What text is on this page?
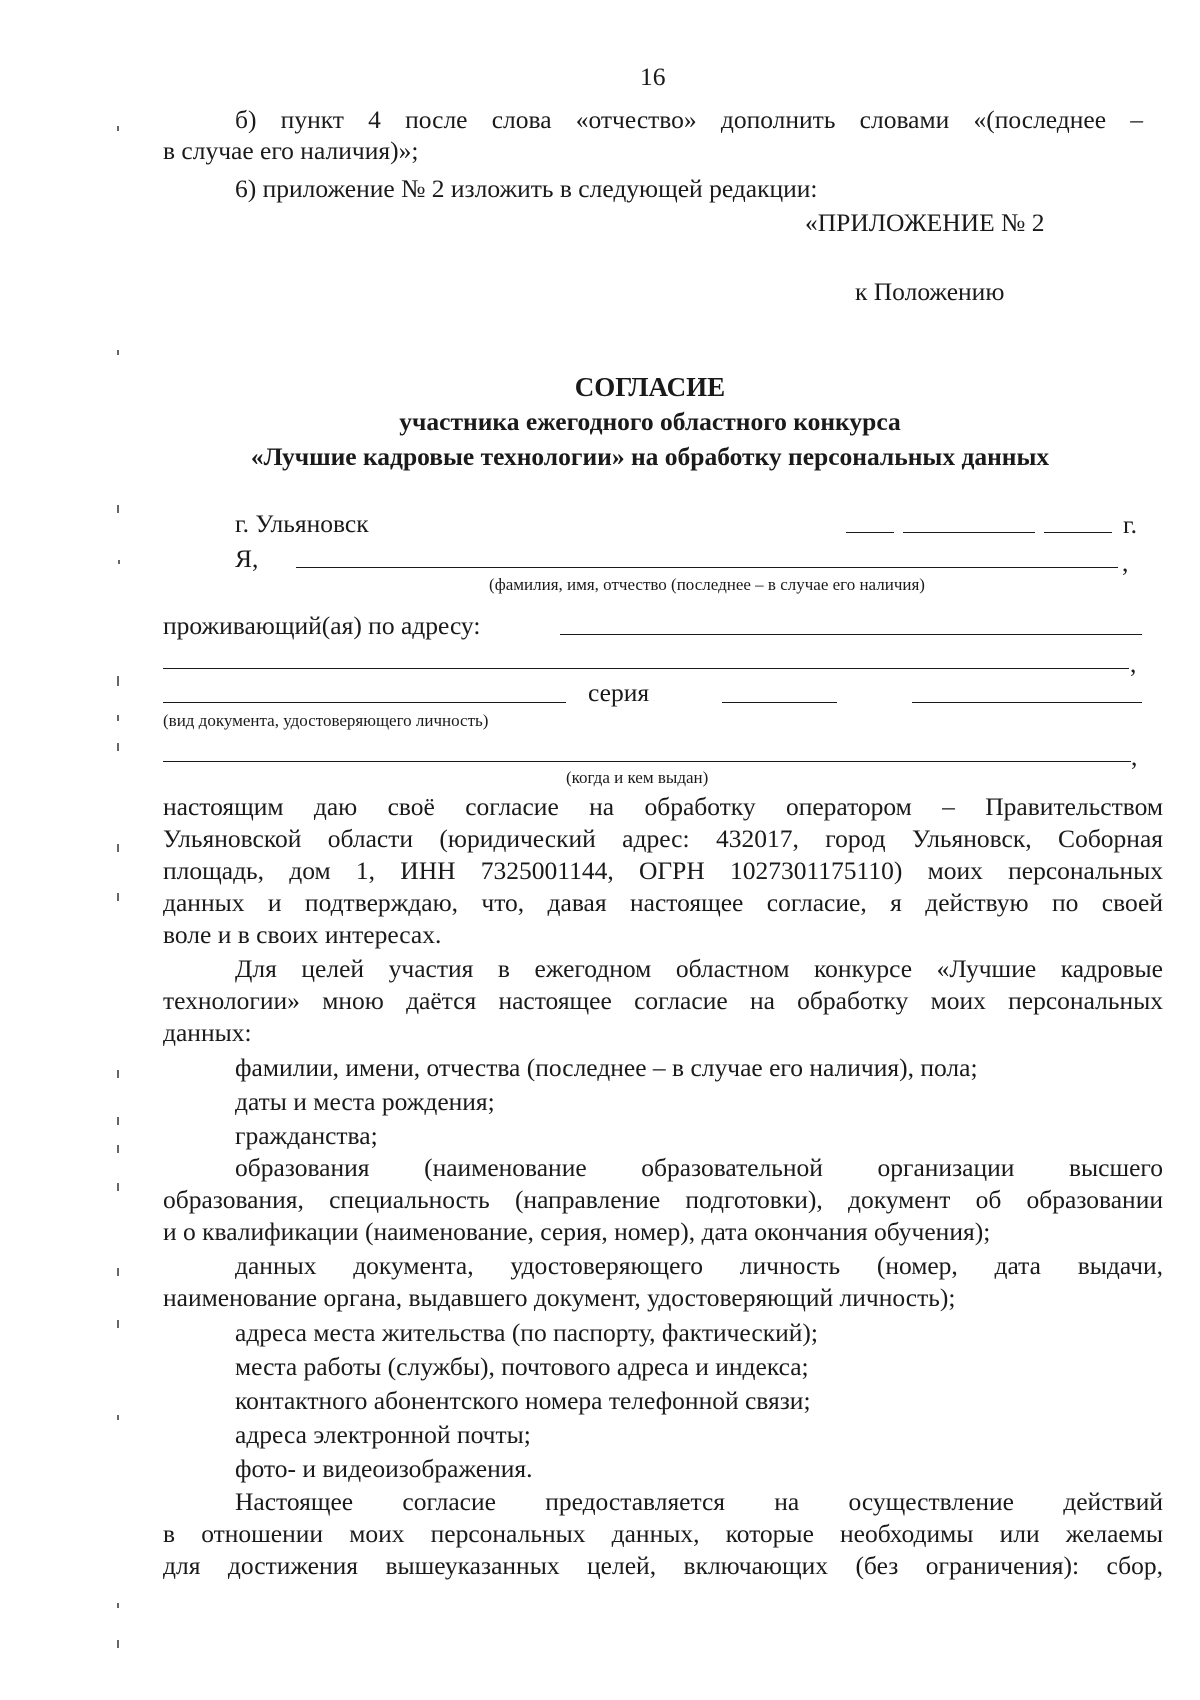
16
б) пункт 4 после слова «отчество» дополнить словами «(последнее –
в случае его наличия)»;
6) приложение № 2 изложить в следующей редакции:
«ПРИЛОЖЕНИЕ № 2
к Положению
СОГЛАСИЕ
участника ежегодного областного конкурса
«Лучшие кадровые технологии» на обработку персональных данных
г. Ульяновск	г.
Я,	,
(фамилия, имя, отчество (последнее – в случае его наличия)
проживающий(ая) по адресу:
,
серия
(вид документа, удостоверяющего личность)
,
(когда и кем выдан)
настоящим даю своё согласие на обработку оператором – Правительством
Ульяновской области (юридический адрес: 432017, город Ульяновск, Соборная
площадь, дом 1, ИНН 7325001144, ОГРН 1027301175110) моих персональных
данных и подтверждаю, что, давая настоящее согласие, я действую по своей
воле и в своих интересах.
Для целей участия в ежегодном областном конкурсе «Лучшие кадровые
технологии» мною даётся настоящее согласие на обработку моих персональных
данных:
фамилии, имени, отчества (последнее – в случае его наличия), пола;
даты и места рождения;
гражданства;
образования (наименование образовательной организации высшего
образования, специальность (направление подготовки), документ об образовании
и о квалификации (наименование, серия, номер), дата окончания обучения);
данных документа, удостоверяющего личность (номер, дата выдачи,
наименование органа, выдавшего документ, удостоверяющий личность);
адреса места жительства (по паспорту, фактический);
места работы (службы), почтового адреса и индекса;
контактного абонентского номера телефонной связи;
адреса электронной почты;
фото- и видеоизображения.
Настоящее согласие предоставляется на осуществление действий
в отношении моих персональных данных, которые необходимы или желаемы
для достижения вышеуказанных целей, включающих (без ограничения): сбор,
